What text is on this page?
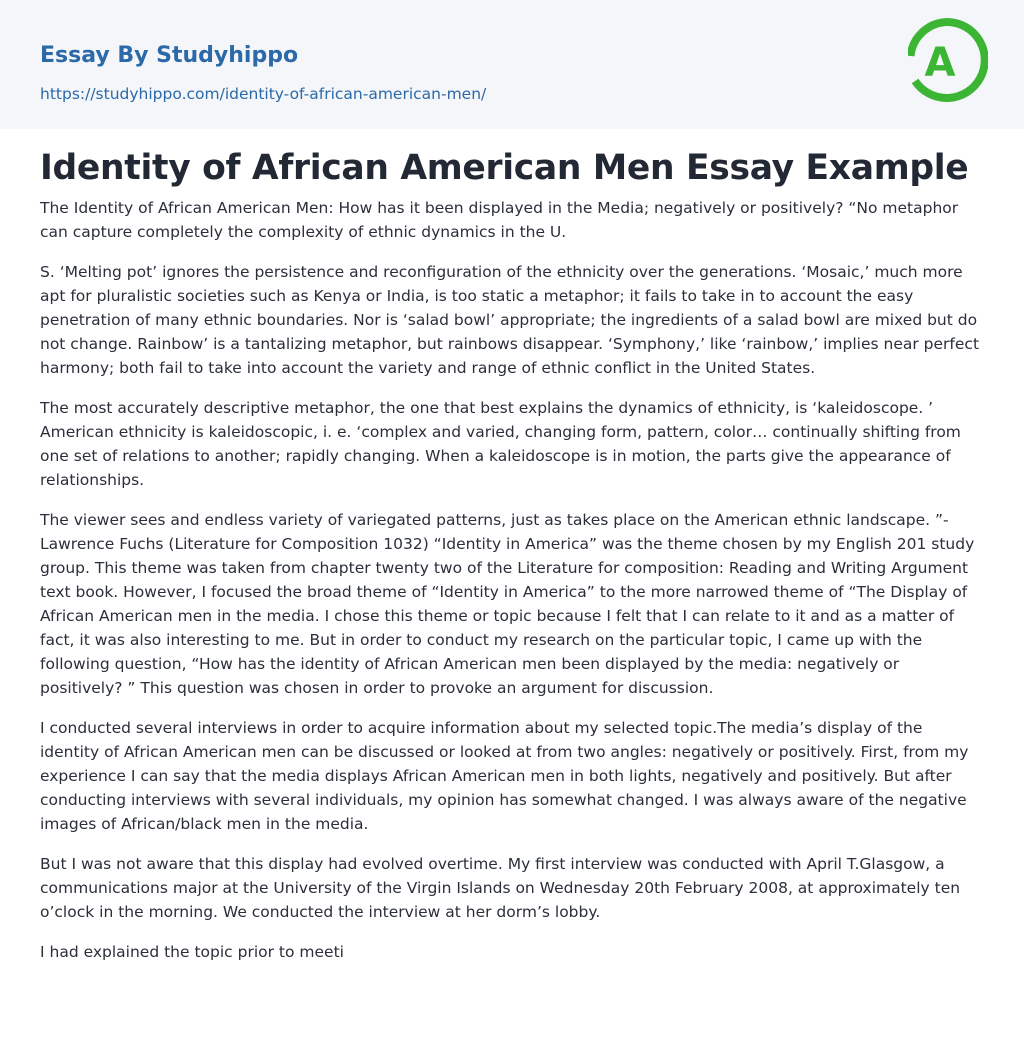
Essay By Studyhippo
https://studyhippo.com/identity-of-african-american-men/
A
Identity of African American Men Essay Example

The Identity of African American Men: How has it been displayed in the Media; negatively or positively? “No metaphor can capture completely the complexity of ethnic dynamics in the U.

S. ‘Melting pot’ ignores the persistence and reconfiguration of the ethnicity over the generations. ‘Mosaic,’ much more apt for pluralistic societies such as Kenya or India, is too static a metaphor; it fails to take in to account the easy penetration of many ethnic boundaries. Nor is ‘salad bowl’ appropriate; the ingredients of a salad bowl are mixed but do not change. Rainbow’ is a tantalizing metaphor, but rainbows disappear. ‘Symphony,’ like ‘rainbow,’ implies near perfect harmony; both fail to take into account the variety and range of ethnic conflict in the United States.

The most accurately descriptive metaphor, the one that best explains the dynamics of ethnicity, is ‘kaleidoscope. ’ American ethnicity is kaleidoscopic, i. e. ‘complex and varied, changing form, pattern, color… continually shifting from one set of relations to another; rapidly changing. When a kaleidoscope is in motion, the parts give the appearance of relationships.

The viewer sees and endless variety of variegated patterns, just as takes place on the American ethnic landscape. ”- Lawrence Fuchs (Literature for Composition 1032) “Identity in America” was the theme chosen by my English 201 study group. This theme was taken from chapter twenty two of the Literature for composition: Reading and Writing Argument text book. However, I focused the broad theme of “Identity in America” to the more narrowed theme of “The Display of African American men in the media. I chose this theme or topic because I felt that I can relate to it and as a matter of fact, it was also interesting to me. But in order to conduct my research on the particular topic, I came up with the following question, “How has the identity of African American men been displayed by the media: negatively or positively? ” This question was chosen in order to provoke an argument for discussion.

I conducted several interviews in order to acquire information about my selected topic.The media’s display of the identity of African American men can be discussed or looked at from two angles: negatively or positively. First, from my experience I can say that the media displays African American men in both lights, negatively and positively. But after conducting interviews with several individuals, my opinion has somewhat changed. I was always aware of the negative images of African/black men in the media.

But I was not aware that this display had evolved overtime. My first interview was conducted with April T.Glasgow, a communications major at the University of the Virgin Islands on Wednesday 20th February 2008, at approximately ten o’clock in the morning. We conducted the interview at her dorm’s lobby.

I had explained the topic prior to meeti
